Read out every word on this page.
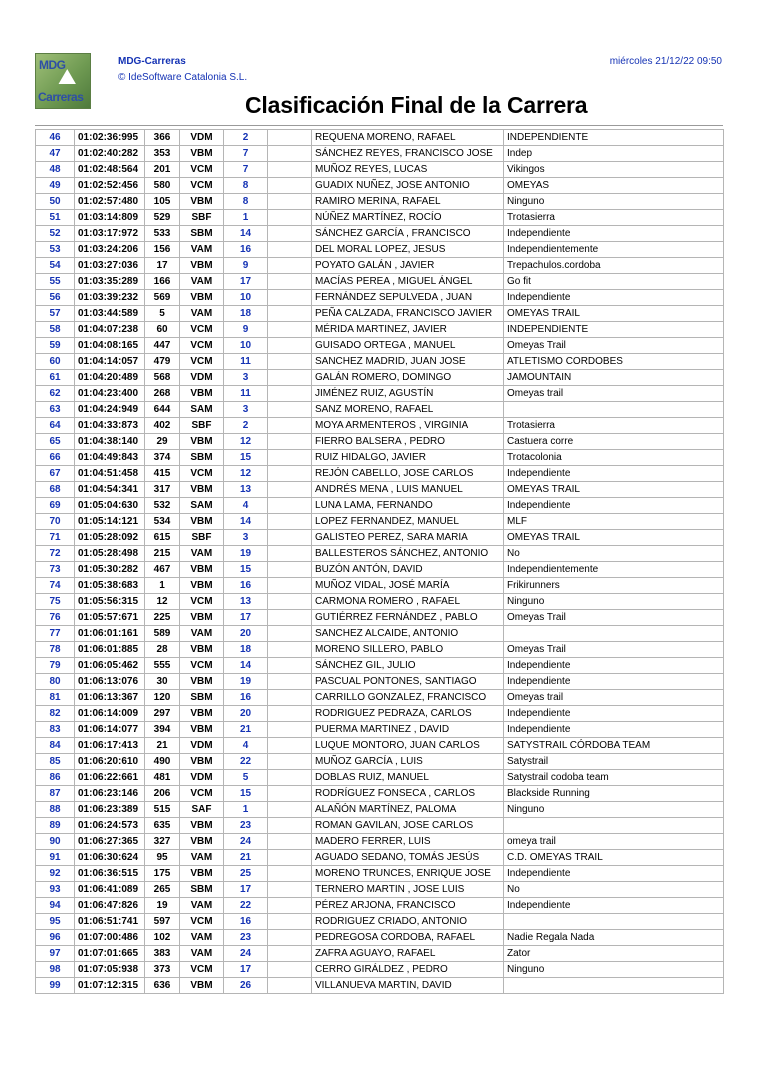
MDG
⛰
Carreras
MDG-Carreras
© IdeSoftware Catalonia S.L.
miércoles 21/12/22 09:50
Clasificación Final de la Carrera
46	01:02:36:995	366	VDM	2		REQUENA MORENO, RAFAEL	INDEPENDIENTE
47	01:02:40:282	353	VBM	7		SÁNCHEZ REYES, FRANCISCO JOSE	Indep
48	01:02:48:564	201	VCM	7		MUÑOZ REYES, LUCAS	Vikingos
49	01:02:52:456	580	VCM	8		GUADIX NUÑEZ, JOSE ANTONIO	OMEYAS
50	01:02:57:480	105	VBM	8		RAMIRO MERINA, RAFAEL	Ninguno
51	01:03:14:809	529	SBF	1		NÚÑEZ MARTÍNEZ, ROCÍO	Trotasierra
52	01:03:17:972	533	SBM	14		SÁNCHEZ GARCÍA , FRANCISCO	Independiente
53	01:03:24:206	156	VAM	16		DEL MORAL LOPEZ, JESUS	Independientemente
54	01:03:27:036	17	VBM	9		POYATO GALÁN , JAVIER	Trepachulos.cordoba
55	01:03:35:289	166	VAM	17		MACÍAS PEREA , MIGUEL ÁNGEL	Go fit
56	01:03:39:232	569	VBM	10		FERNÁNDEZ SEPULVEDA , JUAN	Independiente
57	01:03:44:589	5	VAM	18		PEÑA CALZADA, FRANCISCO JAVIER	OMEYAS TRAIL
58	01:04:07:238	60	VCM	9		MÉRIDA MARTINEZ, JAVIER	INDEPENDIENTE
59	01:04:08:165	447	VCM	10		GUISADO ORTEGA , MANUEL	Omeyas Trail
60	01:04:14:057	479	VCM	11		SANCHEZ MADRID, JUAN JOSE	ATLETISMO CORDOBES
61	01:04:20:489	568	VDM	3		GALÁN ROMERO, DOMINGO	JAMOUNTAIN
62	01:04:23:400	268	VBM	11		JIMÉNEZ RUIZ, AGUSTÍN	Omeyas trail
63	01:04:24:949	644	SAM	3		SANZ MORENO, RAFAEL	
64	01:04:33:873	402	SBF	2		MOYA ARMENTEROS , VIRGINIA	Trotasierra
65	01:04:38:140	29	VBM	12		FIERRO BALSERA , PEDRO	Castuera corre
66	01:04:49:843	374	SBM	15		RUIZ HIDALGO, JAVIER	Trotacolonia
67	01:04:51:458	415	VCM	12		REJÓN CABELLO, JOSE CARLOS	Independiente
68	01:04:54:341	317	VBM	13		ANDRÉS MENA , LUIS MANUEL	OMEYAS TRAIL
69	01:05:04:630	532	SAM	4		LUNA LAMA, FERNANDO	Independiente
70	01:05:14:121	534	VBM	14		LOPEZ FERNANDEZ, MANUEL	MLF
71	01:05:28:092	615	SBF	3		GALISTEO PEREZ, SARA MARIA	OMEYAS TRAIL
72	01:05:28:498	215	VAM	19		BALLESTEROS SÁNCHEZ, ANTONIO	No
73	01:05:30:282	467	VBM	15		BUZÓN ANTÓN, DAVID	Independientemente
74	01:05:38:683	1	VBM	16		MUÑOZ VIDAL, JOSÉ MARÍA	Frikirunners
75	01:05:56:315	12	VCM	13		CARMONA ROMERO , RAFAEL	Ninguno
76	01:05:57:671	225	VBM	17		GUTIÉRREZ FERNÁNDEZ , PABLO	Omeyas Trail
77	01:06:01:161	589	VAM	20		SANCHEZ ALCAIDE, ANTONIO	
78	01:06:01:885	28	VBM	18		MORENO SILLERO, PABLO	Omeyas Trail
79	01:06:05:462	555	VCM	14		SÁNCHEZ GIL, JULIO	Independiente
80	01:06:13:076	30	VBM	19		PASCUAL PONTONES, SANTIAGO	Independiente
81	01:06:13:367	120	SBM	16		CARRILLO GONZALEZ, FRANCISCO	Omeyas trail
82	01:06:14:009	297	VBM	20		RODRIGUEZ PEDRAZA, CARLOS	Independiente
83	01:06:14:077	394	VBM	21		PUERMA MARTINEZ , DAVID	Independiente
84	01:06:17:413	21	VDM	4		LUQUE MONTORO, JUAN CARLOS	SATYSTRAIL CÓRDOBA TEAM
85	01:06:20:610	490	VBM	22		MUÑOZ GARCÍA , LUIS	Satystrail
86	01:06:22:661	481	VDM	5		DOBLAS RUIZ, MANUEL	Satystrail codoba team
87	01:06:23:146	206	VCM	15		RODRÍGUEZ FONSECA , CARLOS	Blackside Running
88	01:06:23:389	515	SAF	1		ALAÑÓN MARTÍNEZ, PALOMA	Ninguno
89	01:06:24:573	635	VBM	23		ROMAN GAVILAN, JOSE CARLOS	
90	01:06:27:365	327	VBM	24		MADERO FERRER, LUIS	omeya trail
91	01:06:30:624	95	VAM	21		AGUADO SEDANO, TOMÁS JESÚS	C.D. OMEYAS TRAIL
92	01:06:36:515	175	VBM	25		MORENO TRUNCES, ENRIQUE JOSE	Independiente
93	01:06:41:089	265	SBM	17		TERNERO MARTIN , JOSE LUIS	No
94	01:06:47:826	19	VAM	22		PÉREZ ARJONA, FRANCISCO	Independiente
95	01:06:51:741	597	VCM	16		RODRIGUEZ CRIADO, ANTONIO	
96	01:07:00:486	102	VAM	23		PEDREGOSA CORDOBA, RAFAEL	Nadie Regala Nada
97	01:07:01:665	383	VAM	24		ZAFRA AGUAYO, RAFAEL	Zator
98	01:07:05:938	373	VCM	17		CERRO GIRÁLDEZ , PEDRO	Ninguno
99	01:07:12:315	636	VBM	26		VILLANUEVA MARTIN, DAVID	
